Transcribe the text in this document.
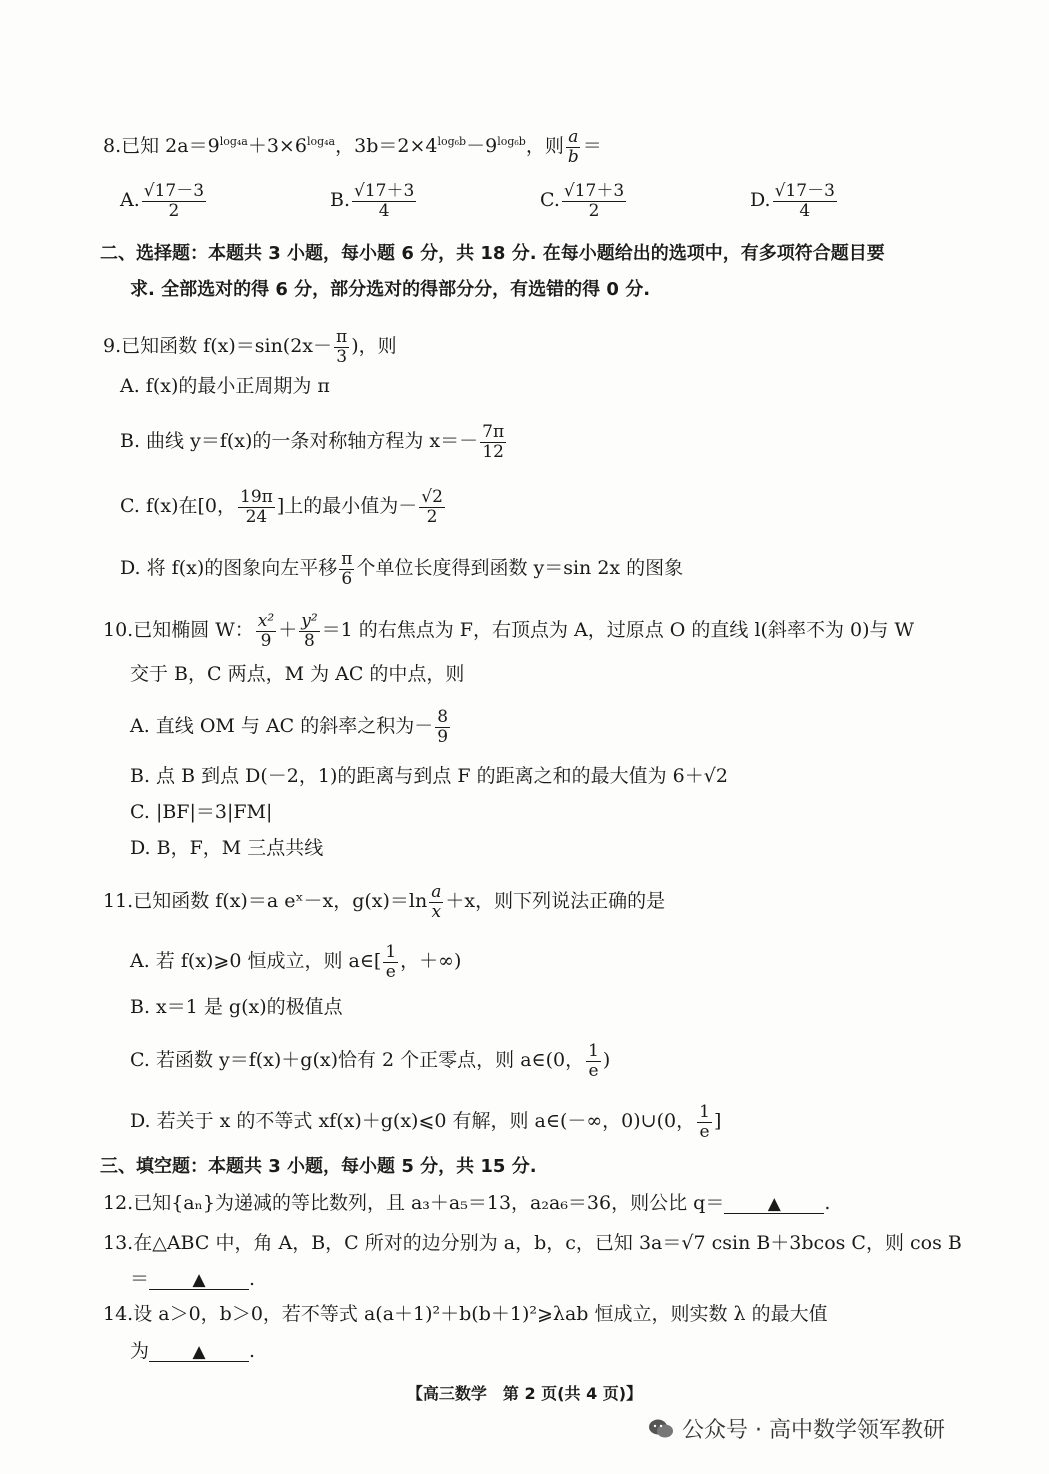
8.已知 $2a=9^{log_4a}+3\times 6^{log_4a}$，$3b=2\times 4^{log_6b}-9^{log_6b}$，则 $\frac{a}{b}$ ＝
A. $\frac{√17-3}{2}$	B. $\frac{√17+3}{4}$	C. $\frac{√17+3}{2}$	D. $\frac{√17-3}{4}$
二、选择题：本题共 3 小题，每小题 6 分，共 18 分. 在每小题给出的选项中，有多项符合题目要
求. 全部选对的得 6 分，部分选对的得部分分，有选错的得 0 分.
9.已知函数 $f(x)=\sin(2x- \frac{\pi}{3}$ )，则
A. f(x)的最小正周期为 π
B. 曲线 y＝f(x)的一条对称轴方程为 $x=- \frac{7\pi}{12}$
C. f(x)在[0， $\frac{19\pi}{24}$ ]上的最小值为－ $\frac{√2}{2}$
D. 将 f(x)的图象向左平移 $\frac{\pi}{6}$ 个单位长度得到函数 y＝sin 2x 的图象
10.已知椭圆 W： $\frac{\text{x²}}{9} + \frac{\text{y²}}{8} =1$ 的右焦点为 F，右顶点为 A，过原点 O 的直线 l(斜率不为 0)与 W
交于 B，C 两点，M 为 AC 的中点，则
A. 直线 OM 与 AC 的斜率之积为－ $\frac{8}{9}$
B. 点 B 到点 D(－2，1)的距离与到点 F 的距离之和的最大值为 6＋√2
C. |BF|＝3|FM|
D. B，F，M 三点共线
11.已知函数 f(x)＝a eˣ－x，$g(x)=\ln \frac{a}{x} +x$，则下列说法正确的是
A. 若 f(x)⩾0 恒成立，则 a∈[ $\frac{1}{e}$ ，＋∞)
B. x＝1 是 g(x)的极值点
C. 若函数 y＝f(x)＋g(x)恰有 2 个正零点，则 a∈(0， $\frac{1}{e}$ )
D. 若关于 x 的不等式 xf(x)＋g(x)⩽0 有解，则 a∈(－∞，0)∪(0， $\frac{1}{e}$ ]
三、填空题：本题共 3 小题，每小题 5 分，共 15 分.
12.已知{aₙ}为递减的等比数列，且 a₃＋a₅＝13，a₂a₆＝36，则公比 q＝	▲ .
13.在△ABC 中，角 A，B，C 所对的边分别为 a，b，c，已知 3a＝√7 csin B＋3bcos C，则 cos B
＝	▲ .
14.设 a＞0，b＞0，若不等式 a(a＋1)²＋b(b＋1)²⩾λab 恒成立，则实数 λ 的最大值
为	▲ .
【高三数学　第 2 页(共 4 页)】
公众号 · 高中数学领军教研
